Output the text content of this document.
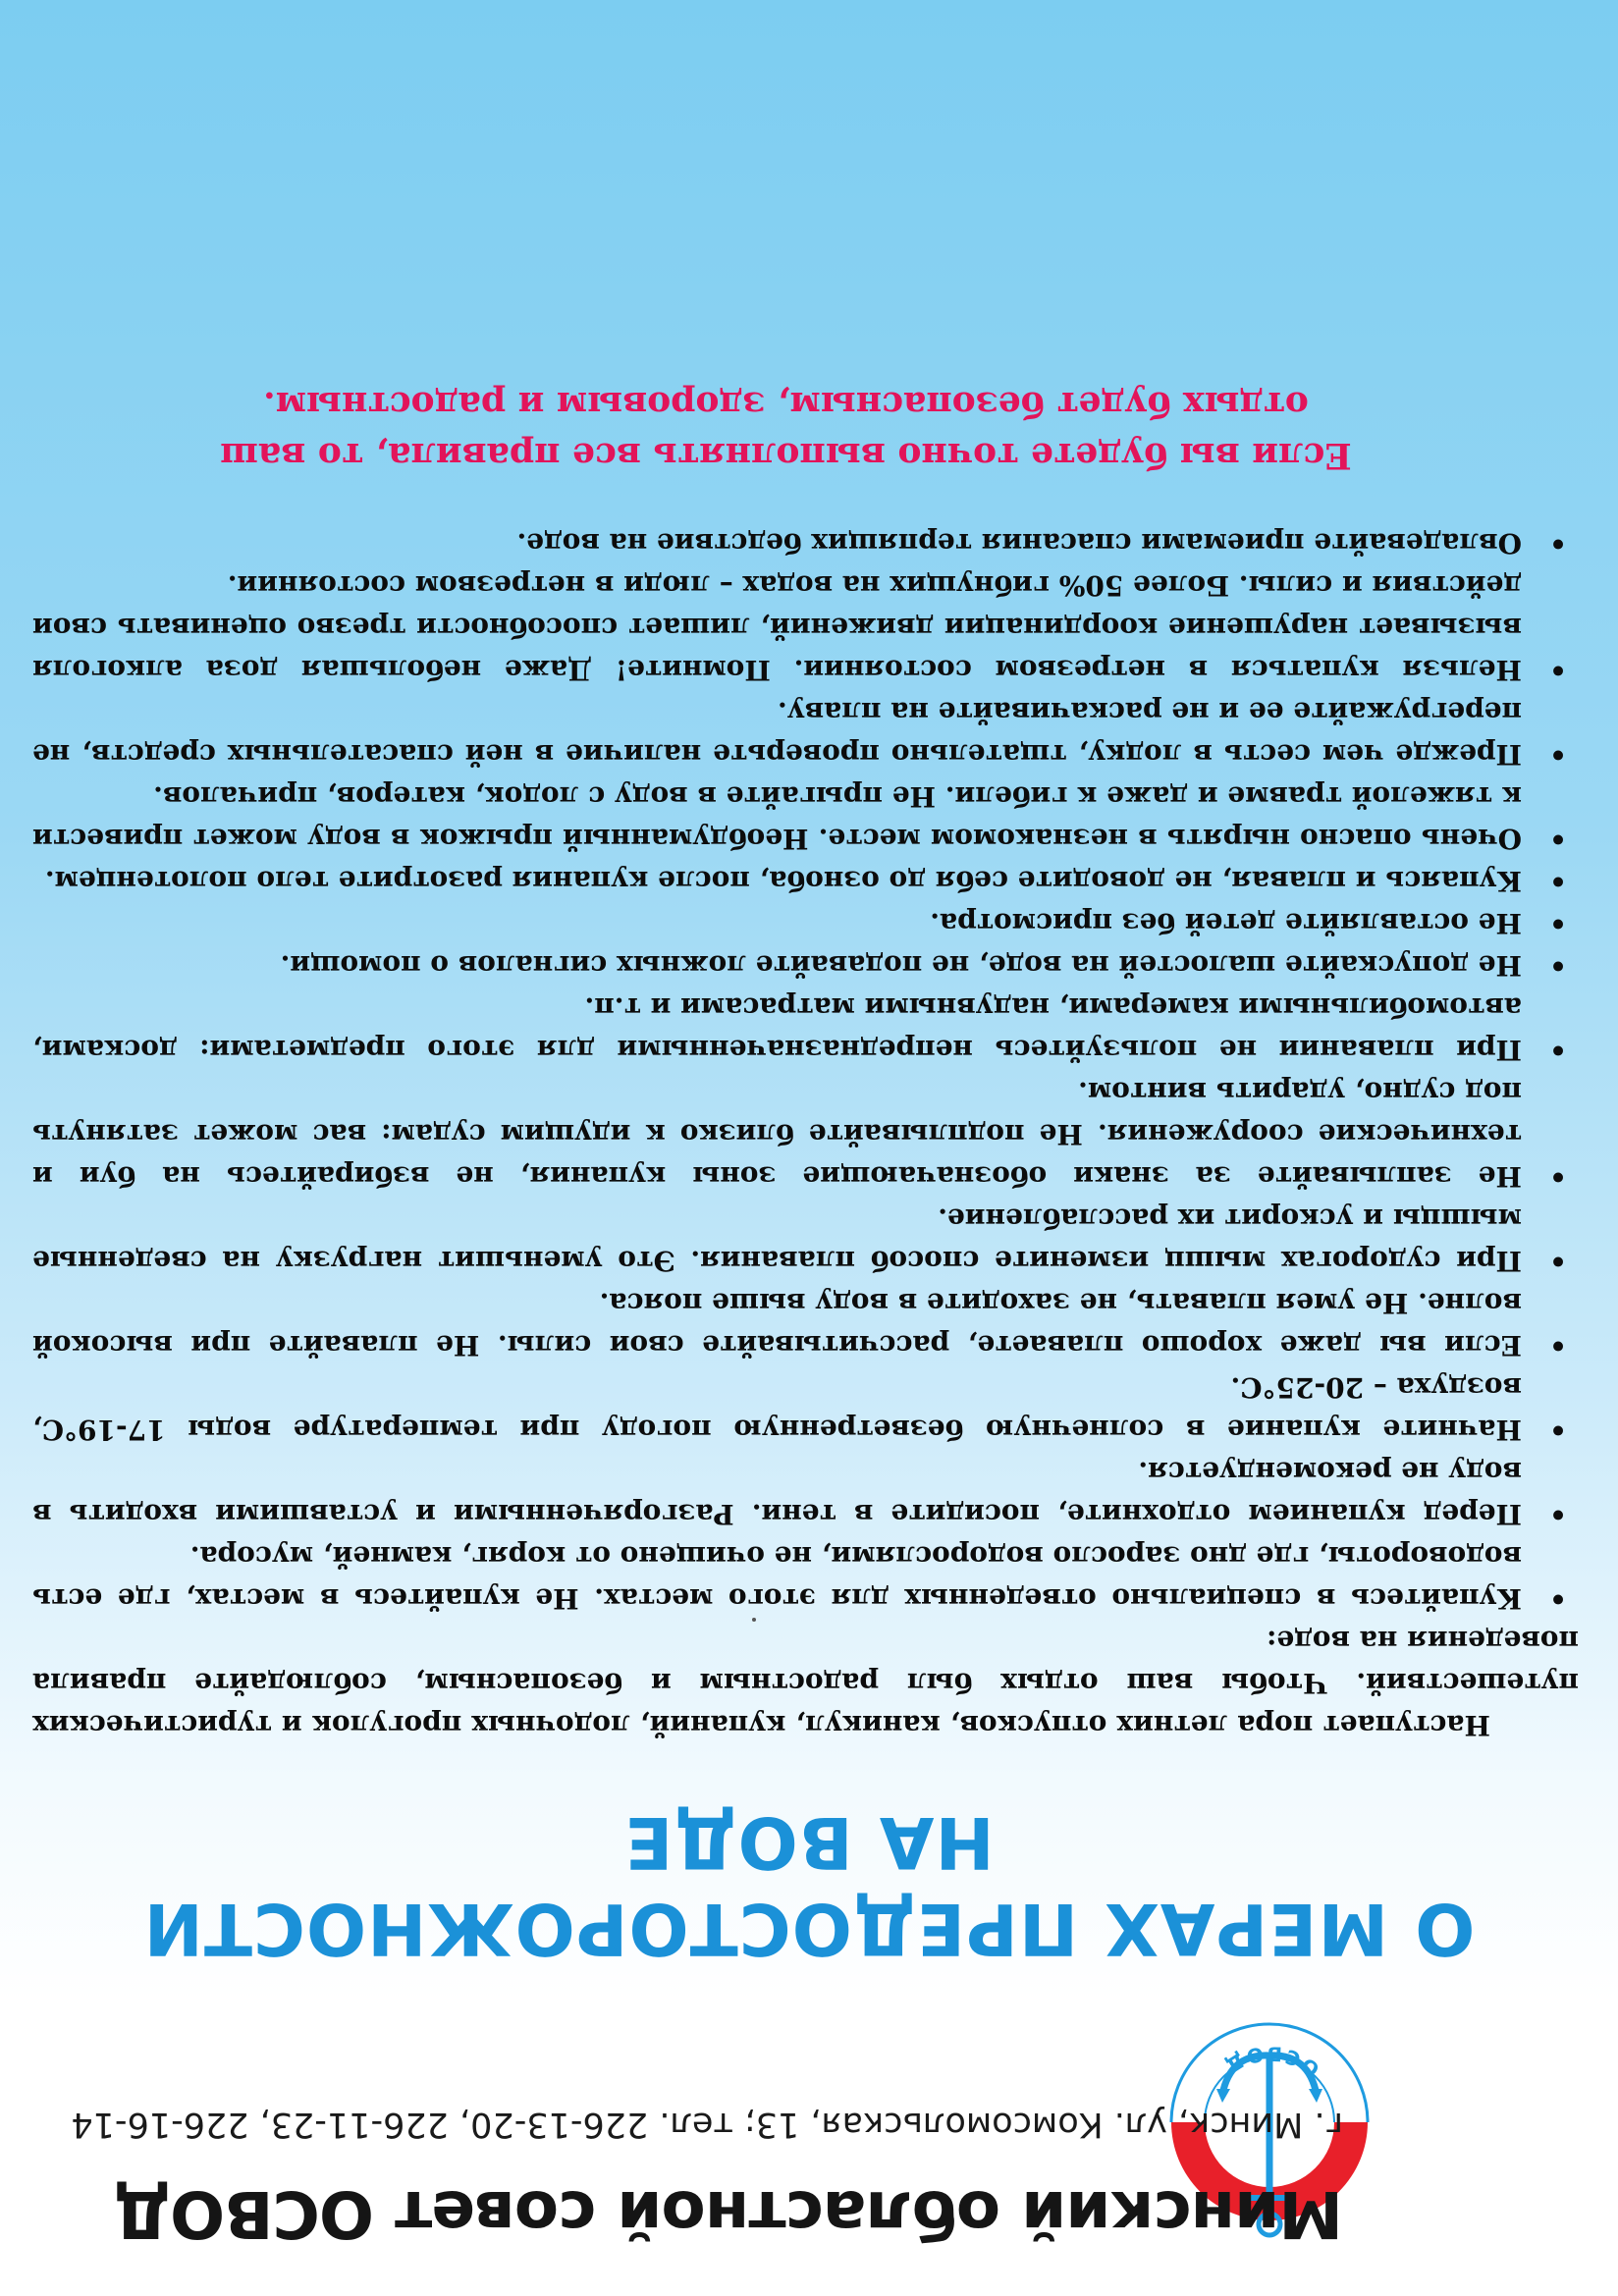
ОСВОД
Минский областной совет ОСВОД
г. Минск, ул. Комсомольская, 13; тел. 226-13-20, 226-11-23, 226-16-14
О МЕРАХ ПРЕДОСТОРОЖНОСТИ
НА ВОДЕ

Наступает пора летних отпусков, каникул, купаний, лодочных прогулок и туристических путешествий. Чтобы ваш отдых был радостным и безопасным, соблюдайте правила поведения на воде:

•
Купайтесь в специально отведенных для этого местах. Не купайтесь в местах, где есть водовороты, где дно заросло водорослями, не очищено от коряг, камней, мусора.
•
Перед купанием отдохните, посидите в тени. Разгоряченными и уставшими входить в воду не рекомендуется.
•
Начните купание в солнечную безветренную погоду при температуре воды 17-19°С, воздуха – 20-25°С.
•
Если вы даже хорошо плаваете, рассчитывайте свои силы. Не плавайте при высокой волне. Не умея плавать, не заходите в воду выше пояса.
•
При судорогах мышц измените способ плавания. Это уменьшит нагрузку на сведенные мышцы и ускорит их расслабление.
•
Не заплывайте за знаки обозначающие зоны купания, не взбирайтесь на буи и технические сооружения. Не подплывайте близко к идущим судам: вас может затянуть под судно, ударить винтом.
•
При плавании не пользуйтесь непредназначенными для этого предметами: досками, автомобильными камерами, надувными матрасами и т.п.
•
Не допускайте шалостей на воде, не подавайте ложных сигналов о помощи.
•
Не оставляйте детей без присмотра.
•
Купаясь и плавая, не доводите себя до озноба, после купания разотрите тело полотенцем.
•
Очень опасно нырять в незнакомом месте. Необдуманный прыжок в воду может привести к тяжелой травме и даже к гибели. Не прыгайте в воду с лодок, катеров, причалов.
•
Прежде чем сесть в лодку, тщательно проверьте наличие в ней спасательных средств, не перегружайте ее и не раскачивайте на плаву.
•
Нельзя купаться в нетрезвом состоянии. Помните! Даже небольшая доза алкоголя вызывает нарушение координации движений, лишает способности трезво оценивать свои действия и силы. Более 50% гибнущих на водах – люди в нетрезвом состоянии.
•
Овладевайте приемами спасания терпящих бедствие на воде.
Если вы будете точно выполнять все правила, то ваш
отдых будет безопасным, здоровым и радостным.
